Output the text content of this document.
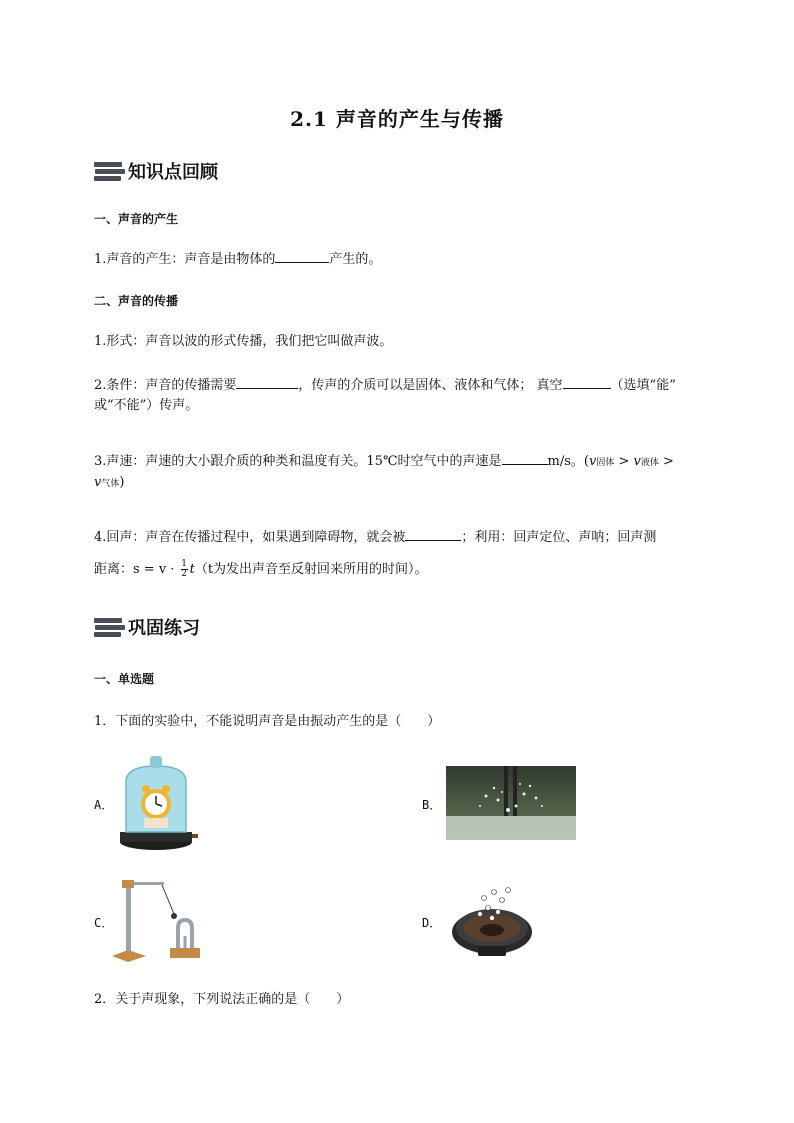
2.1 声音的产生与传播
知识点回顾
一、声音的产生
1.声音的产生：声音是由物体的	产生的。
二、声音的传播
1.形式：声音以波的形式传播，我们把它叫做声波。
2.条件：声音的传播需要	，传声的介质可以是固体、液体和气体； 真空	（选填“能”
或“不能”）传声。
3.声速：声速的大小跟介质的种类和温度有关。15℃时空气中的声速是	m/s。(v固体 > v液体 >
v气体)
4.回声：声音在传播过程中，如果遇到障碍物，就会被	；利用：回声定位、声呐；回声测
距离：$s = v \cdot \frac{1}{2} t(t$为发出声音至反射回来所用的时间）。
巩固练习
一、单选题
1．下面的实验中，不能说明声音是由振动产生的是（　　）
A．	B．
C．	D．
2．关于声现象，下列说法正确的是（　　）
